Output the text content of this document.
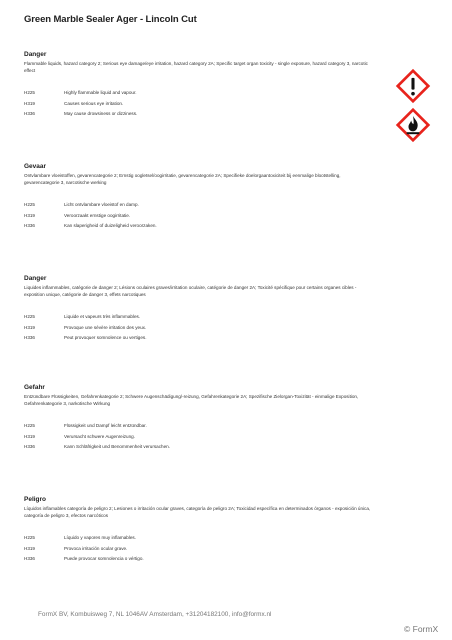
Green Marble Sealer Ager - Lincoln Cut
Danger
Flammable liquids, hazard category 2; Serious eye damage/eye irritation, hazard category 2A; Specific target organ toxicity - single exposure, hazard category 3, narcotic effect
H225	Highly flammable liquid and vapour.
H319	Causes serious eye irritation.
H336	May cause drowsiness or dizziness.
Gevaar
Ontvlambare vloeistoffen, gevarencategorie 2; Ernstig oogletsel/oogirritatie, gevarencategorie 2A; Specifieke doelorgaantoxiciteit bij eenmalige blootstelling, gevarencategorie 3, narcotische werking
H225	Licht ontvlambare vloeistof en damp.
H319	Veroorzaakt ernstige oogirritatie.
H336	Kan slaperigheid of duizeligheid veroorzaken.
Danger
Liquides inflammables, catégorie de danger 2; Lésions oculaires graves/irritation oculaire, catégorie de danger 2A; Toxicité spécifique pour certains organes cibles - exposition unique, catégorie de danger 3, effets narcotiques
H225	Liquide et vapeurs très inflammables.
H319	Provoque une sévère irritation des yeux.
H336	Peut provoquer somnolence ou vertiges.
Gefahr
Entzündbare Flüssigkeiten, Gefahrenkategorie 2; Schwere Augenschädigung/-reizung, Gefahrenkategorie 2A; Spezifische Zielorgan-Toxizität - einmalige Exposition, Gefahrenkategorie 3, narkotische Wirkung
H225	Flüssigkeit und Dampf leicht entzündbar.
H319	Verursacht schwere Augenreizung.
H336	Kann Schläfrigkeit und Benommenheit verursachen.
Peligro
Líquidos inflamables categoría de peligro 2; Lesiones o irritación ocular graves, categoría de peligro 2A; Toxicidad específica en determinados órganos - exposición única, categoría de peligro 3, efectos narcóticos
H225	Líquido y vapores muy inflamables.
H319	Provoca irritación ocular grave.
H336	Puede provocar somnolencia o vértigo.
FormX BV, Kombuisweg 7, NL 1046AV Amsterdam, +31204182100, info@formx.nl
© FormX
